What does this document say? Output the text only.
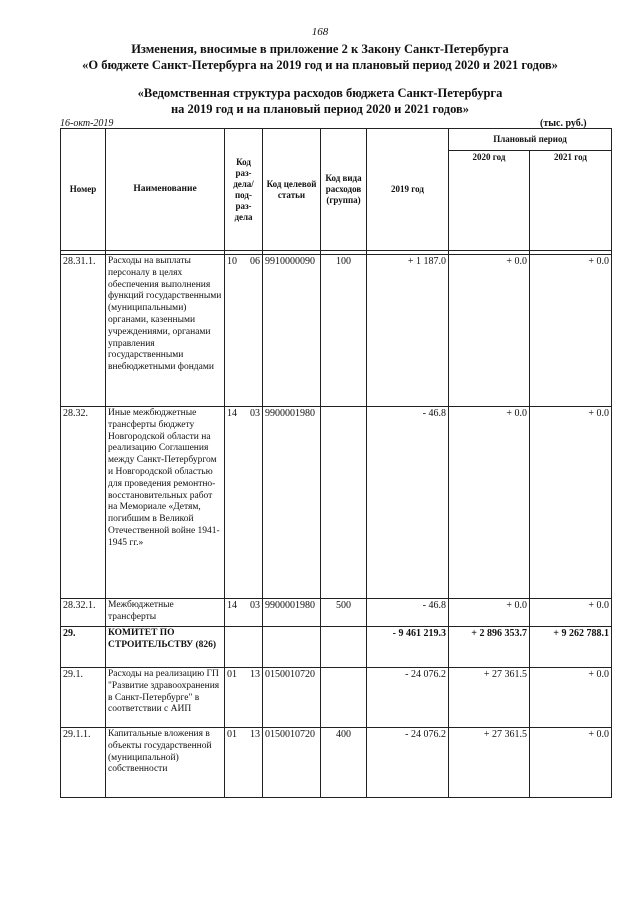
168
Изменения, вносимые в приложение 2 к Закону Санкт-Петербурга
«О бюджете Санкт-Петербурга на 2019 год и на плановый период 2020 и 2021 годов»
«Ведомственная структура расходов бюджета Санкт-Петербурга
на 2019 год и на плановый период 2020 и 2021 годов»
16-окт-2019	(тыс. руб.)
Номер	Наименование	Код раз-дела/ под-раз-дела	Код целевой статьи	Код вида расходов (группа)	2019 год	Плановый период	
						2020 год	2021 год

28.31.1.	Расходы на выплаты персоналу в целях обеспечения выполнения функций государственными (муниципальными) органами, казенными учреждениями, органами управления государственными внебюджетными фондами	10 06	9910000090	100	+ 1 187.0	+ 0.0	+ 0.0
28.32.	Иные межбюджетные трансферты бюджету Новгородской области на реализацию Соглашения между Санкт-Петербургом и Новгородской областью для проведения ремонтно-восстановительных работ на Мемориале «Детям, погибшим в Великой Отечественной войне 1941-1945 гг.»	14 03	9900001980		- 46.8	+ 0.0	+ 0.0
28.32.1.	Межбюджетные трансферты	14 03	9900001980	500	- 46.8	+ 0.0	+ 0.0
29.	КОМИТЕТ ПО СТРОИТЕЛЬСТВУ (826)				- 9 461 219.3	+ 2 896 353.7	+ 9 262 788.1
29.1.	Расходы на реализацию ГП "Развитие здравоохранения в Санкт-Петербурге" в соответствии с АИП	01 13	0150010720		- 24 076.2	+ 27 361.5	+ 0.0
29.1.1.	Капитальные вложения в объекты государственной (муниципальной) собственности	01 13	0150010720	400	- 24 076.2	+ 27 361.5	+ 0.0
